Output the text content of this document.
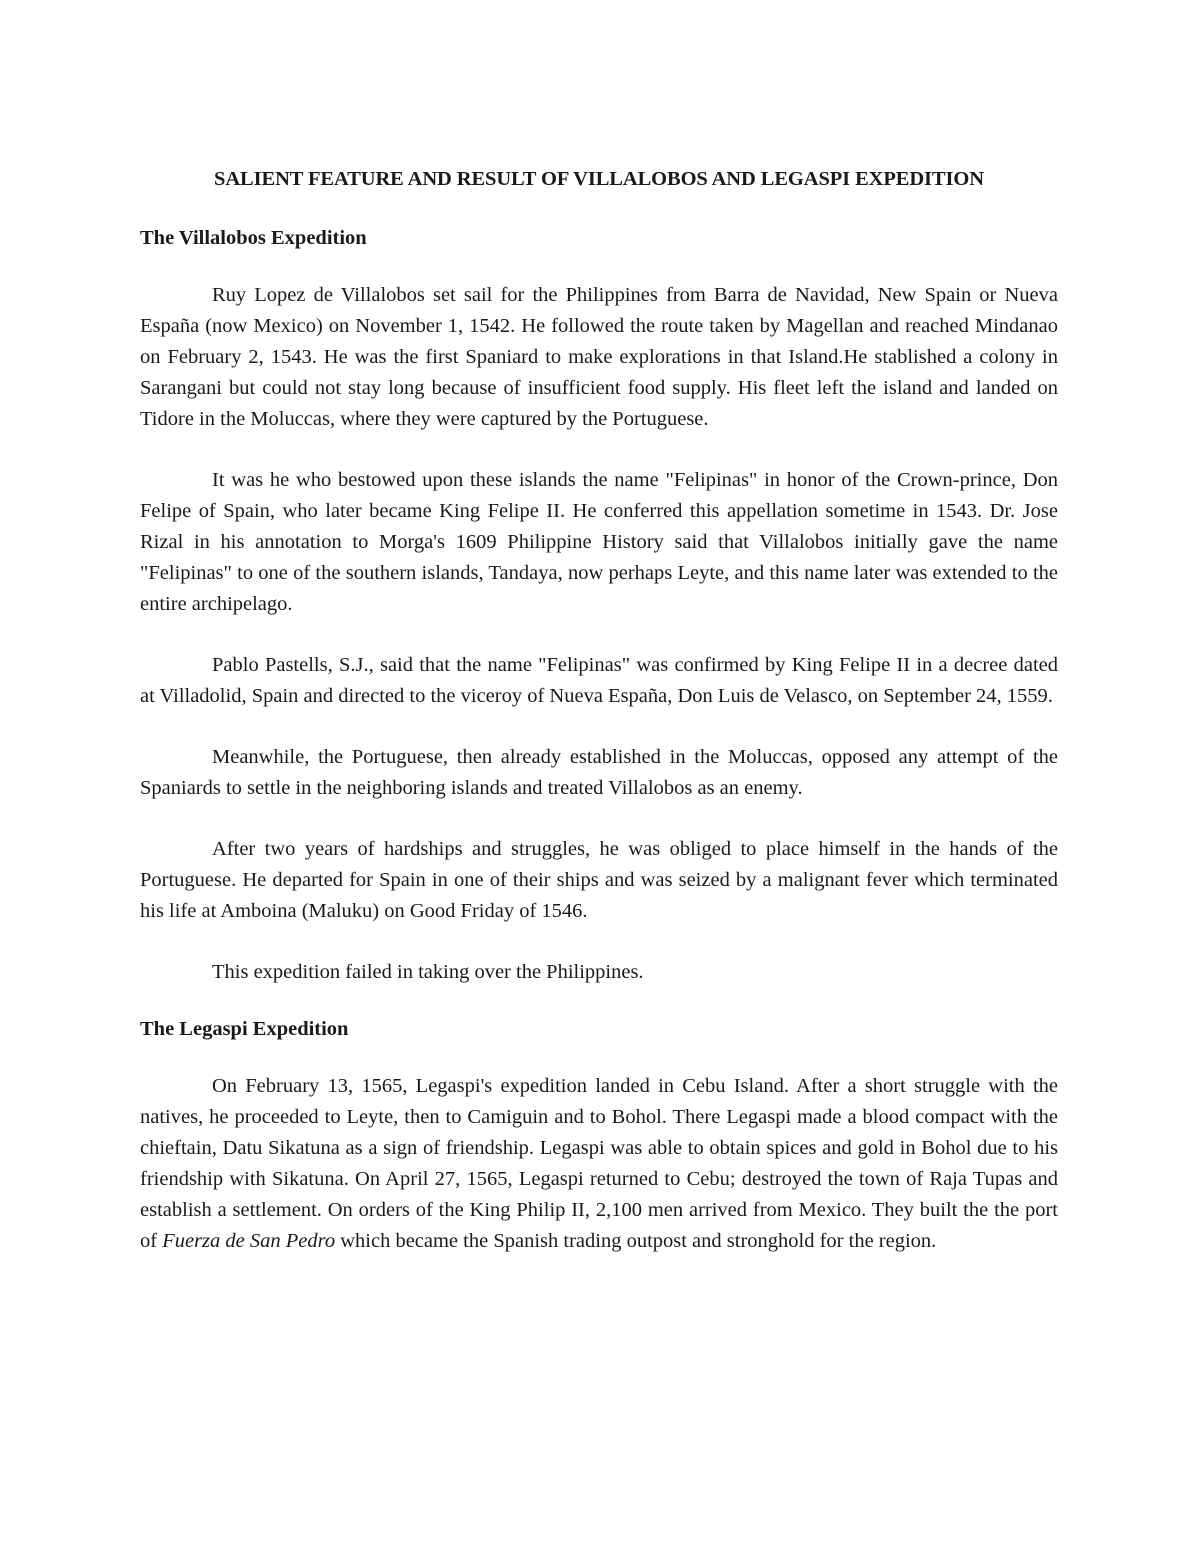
SALIENT FEATURE AND RESULT OF VILLALOBOS AND LEGASPI EXPEDITION
The Villalobos Expedition

Ruy Lopez de Villalobos set sail for the Philippines from Barra de Navidad, New Spain or Nueva España (now Mexico) on November 1, 1542. He followed the route taken by Magellan and reached Mindanao on February 2, 1543. He was the first Spaniard to make explorations in that Island.He stablished a colony in Sarangani but could not stay long because of insufficient food supply. His fleet left the island and landed on Tidore in the Moluccas, where they were captured by the Portuguese.

It was he who bestowed upon these islands the name "Felipinas" in honor of the Crown-prince, Don Felipe of Spain, who later became King Felipe II. He conferred this appellation sometime in 1543. Dr. Jose Rizal in his annotation to Morga's 1609 Philippine History said that Villalobos initially gave the name "Felipinas" to one of the southern islands, Tandaya, now perhaps Leyte, and this name later was extended to the entire archipelago.

Pablo Pastells, S.J., said that the name "Felipinas" was confirmed by King Felipe II in a decree dated at Villadolid, Spain and directed to the viceroy of Nueva España, Don Luis de Velasco, on September 24, 1559.

Meanwhile, the Portuguese, then already established in the Moluccas, opposed any attempt of the Spaniards to settle in the neighboring islands and treated Villalobos as an enemy.

After two years of hardships and struggles, he was obliged to place himself in the hands of the Portuguese. He departed for Spain in one of their ships and was seized by a malignant fever which terminated his life at Amboina (Maluku) on Good Friday of 1546.

This expedition failed in taking over the Philippines.

The Legaspi Expedition

On February 13, 1565, Legaspi's expedition landed in Cebu Island. After a short struggle with the natives, he proceeded to Leyte, then to Camiguin and to Bohol. There Legaspi made a blood compact with the chieftain, Datu Sikatuna as a sign of friendship. Legaspi was able to obtain spices and gold in Bohol due to his friendship with Sikatuna. On April 27, 1565, Legaspi returned to Cebu; destroyed the town of Raja Tupas and establish a settlement. On orders of the King Philip II, 2,100 men arrived from Mexico. They built the the port of Fuerza de San Pedro which became the Spanish trading outpost and stronghold for the region.
